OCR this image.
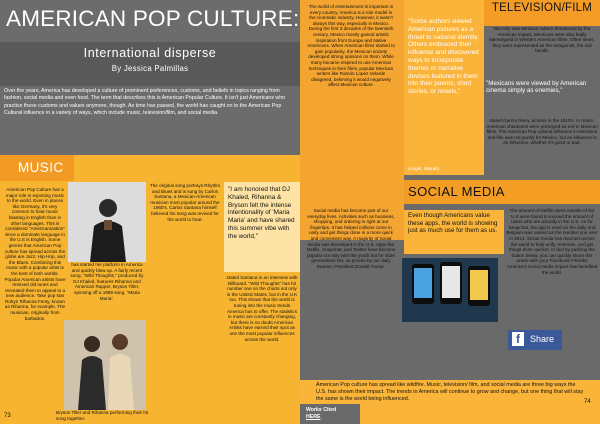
AMERICAN POP CULTURE:
International disperse
By Jessica Palmillas
Over the years, America has developed a culture of prominent preferences, customs, and beliefs in topics ranging from fashion, social media and even food. The term that describes this is American Popular Culture. It isn't just Americans who practice these customs and values anymore, though. As time has passed, the world has caught on to the American Pop Cultural influence in a variety of ways, which include music, television/film, and social media.
MUSIC
American Pop Culture has a major role in exposing music to the world. Even in places like Germany, it's very common to hear music blasting in English than in other languages. This is considered "Americanization" since a dominate language in the U.S is English. Some genres that American Pop culture has spread across the globe are Jazz, Hip-Hop, and the Blues. Combining this music with a popular artist is the best of both worlds. Popular American artists have remixed old tunes and recreated them to appeal to a new audience. Take pop star Robyn Rihanna Fenty, known as Rihanna, for example. The musician, originally from barbados,
has started her platform in America and quickly blew up. A fairly recent song, "Wild Thoughts," produced by DJ Khaled, features Rihanna and American Rapper, Bryson Tiller, spinning off a 1999 song, "Maria Maria".
The original song portrays Rhythm and Blues and is sung by Carlos Santana, a Mexican-American musician most popular around the 1960's. Carlos Santana himself believed his song was revived for the world to hear.
"I am honored that DJ Khaled, Rihanna & Bryson felt the intense intentionality of 'Maria Maria' and have shared this summer vibe with the world,"
stated Santana in an interview with Billboard. "Wild Thoughts" has hit number one on the charts not only in the United States, but in the U.K too. This shows that the world is tuning into the music trends America has to offer. The statistics in music are constantly changing, but there is no doubt American Artists have earned their spot as one the most popular influences across the world.
Bryson Tiller and Rihanna performing their hit song together.
73
The world of entertainment is important in every country. America is a role model in the cinematic industry. However, it wasn't always this way, especially in Mexico. During the first 3 decades of the twentieth century, Mexico mostly gained artistic inspiration from Europe and Native Americans. When American films started to gain popularity, the Mexican society developed strong opinions on them. While many became inspired to use American techniques in their films, popular Mexican writers like Ramón Lopez Velarde disagreed, believing it would negatively affect Mexican culture.
"Some authors viewed American pictures as a threat to national identity. Others embraced their influence and discovered ways to incorporate themes or narrative devices featured in them into their poems, short stories, or novels,"
(Angel, Miquel).
TELEVISION/FILM
Not only was Mexican culture threatened by the American impact, Mexicans were also badly stereotyped in Western American films. Often times, they were represented as the antagonist, the evil bandit.
"Mexicans were viewed by American cinema simply as enemies,"
stated García Riera, actress in the 1910's. In return, American characters were portrayed as evil in Mexican films. The American Pop cultural influence in television and film was not purely for Mexico, but an influence is an influence, whether it's good or bad.
SOCIAL MEDIA
Social media has become part of our everyday lives. Activities such as business, shopping, and ordering is right at our fingertips. It has helped millions come in unity and get things done in a more quick and convenient way. A majority of social media was developed in the U.S. Apps like Netflix, Snapchat, and Twitter have become popular not only with the youth but for older generations too; as proven by our daily tweeter, President Donald Trump.
Even though Americans value these apps, the world is showing just as much use for them as us.
The amount of Netflix users outside of the U.S were found to exceed the amount of users who are actually in the U.S. As for Snapchat, the app is used on the daily and Belgium was ranked as the number one user in 2014. Social media has reached across the world to help unify, entertain, and get things done quicker. In fact by pushing the button below, you can quickly share this article with your Facebook Friends! America's social media impact has benefited the world.
f	Share
American Pop culture has spread like wildfire. Music, television/ film, and social media are three big ways the U.S. has shown their impact. The trends in America will continue to grow and change, but one thing that will stay the same is the world being influenced.
Works Cited
HERE
74
